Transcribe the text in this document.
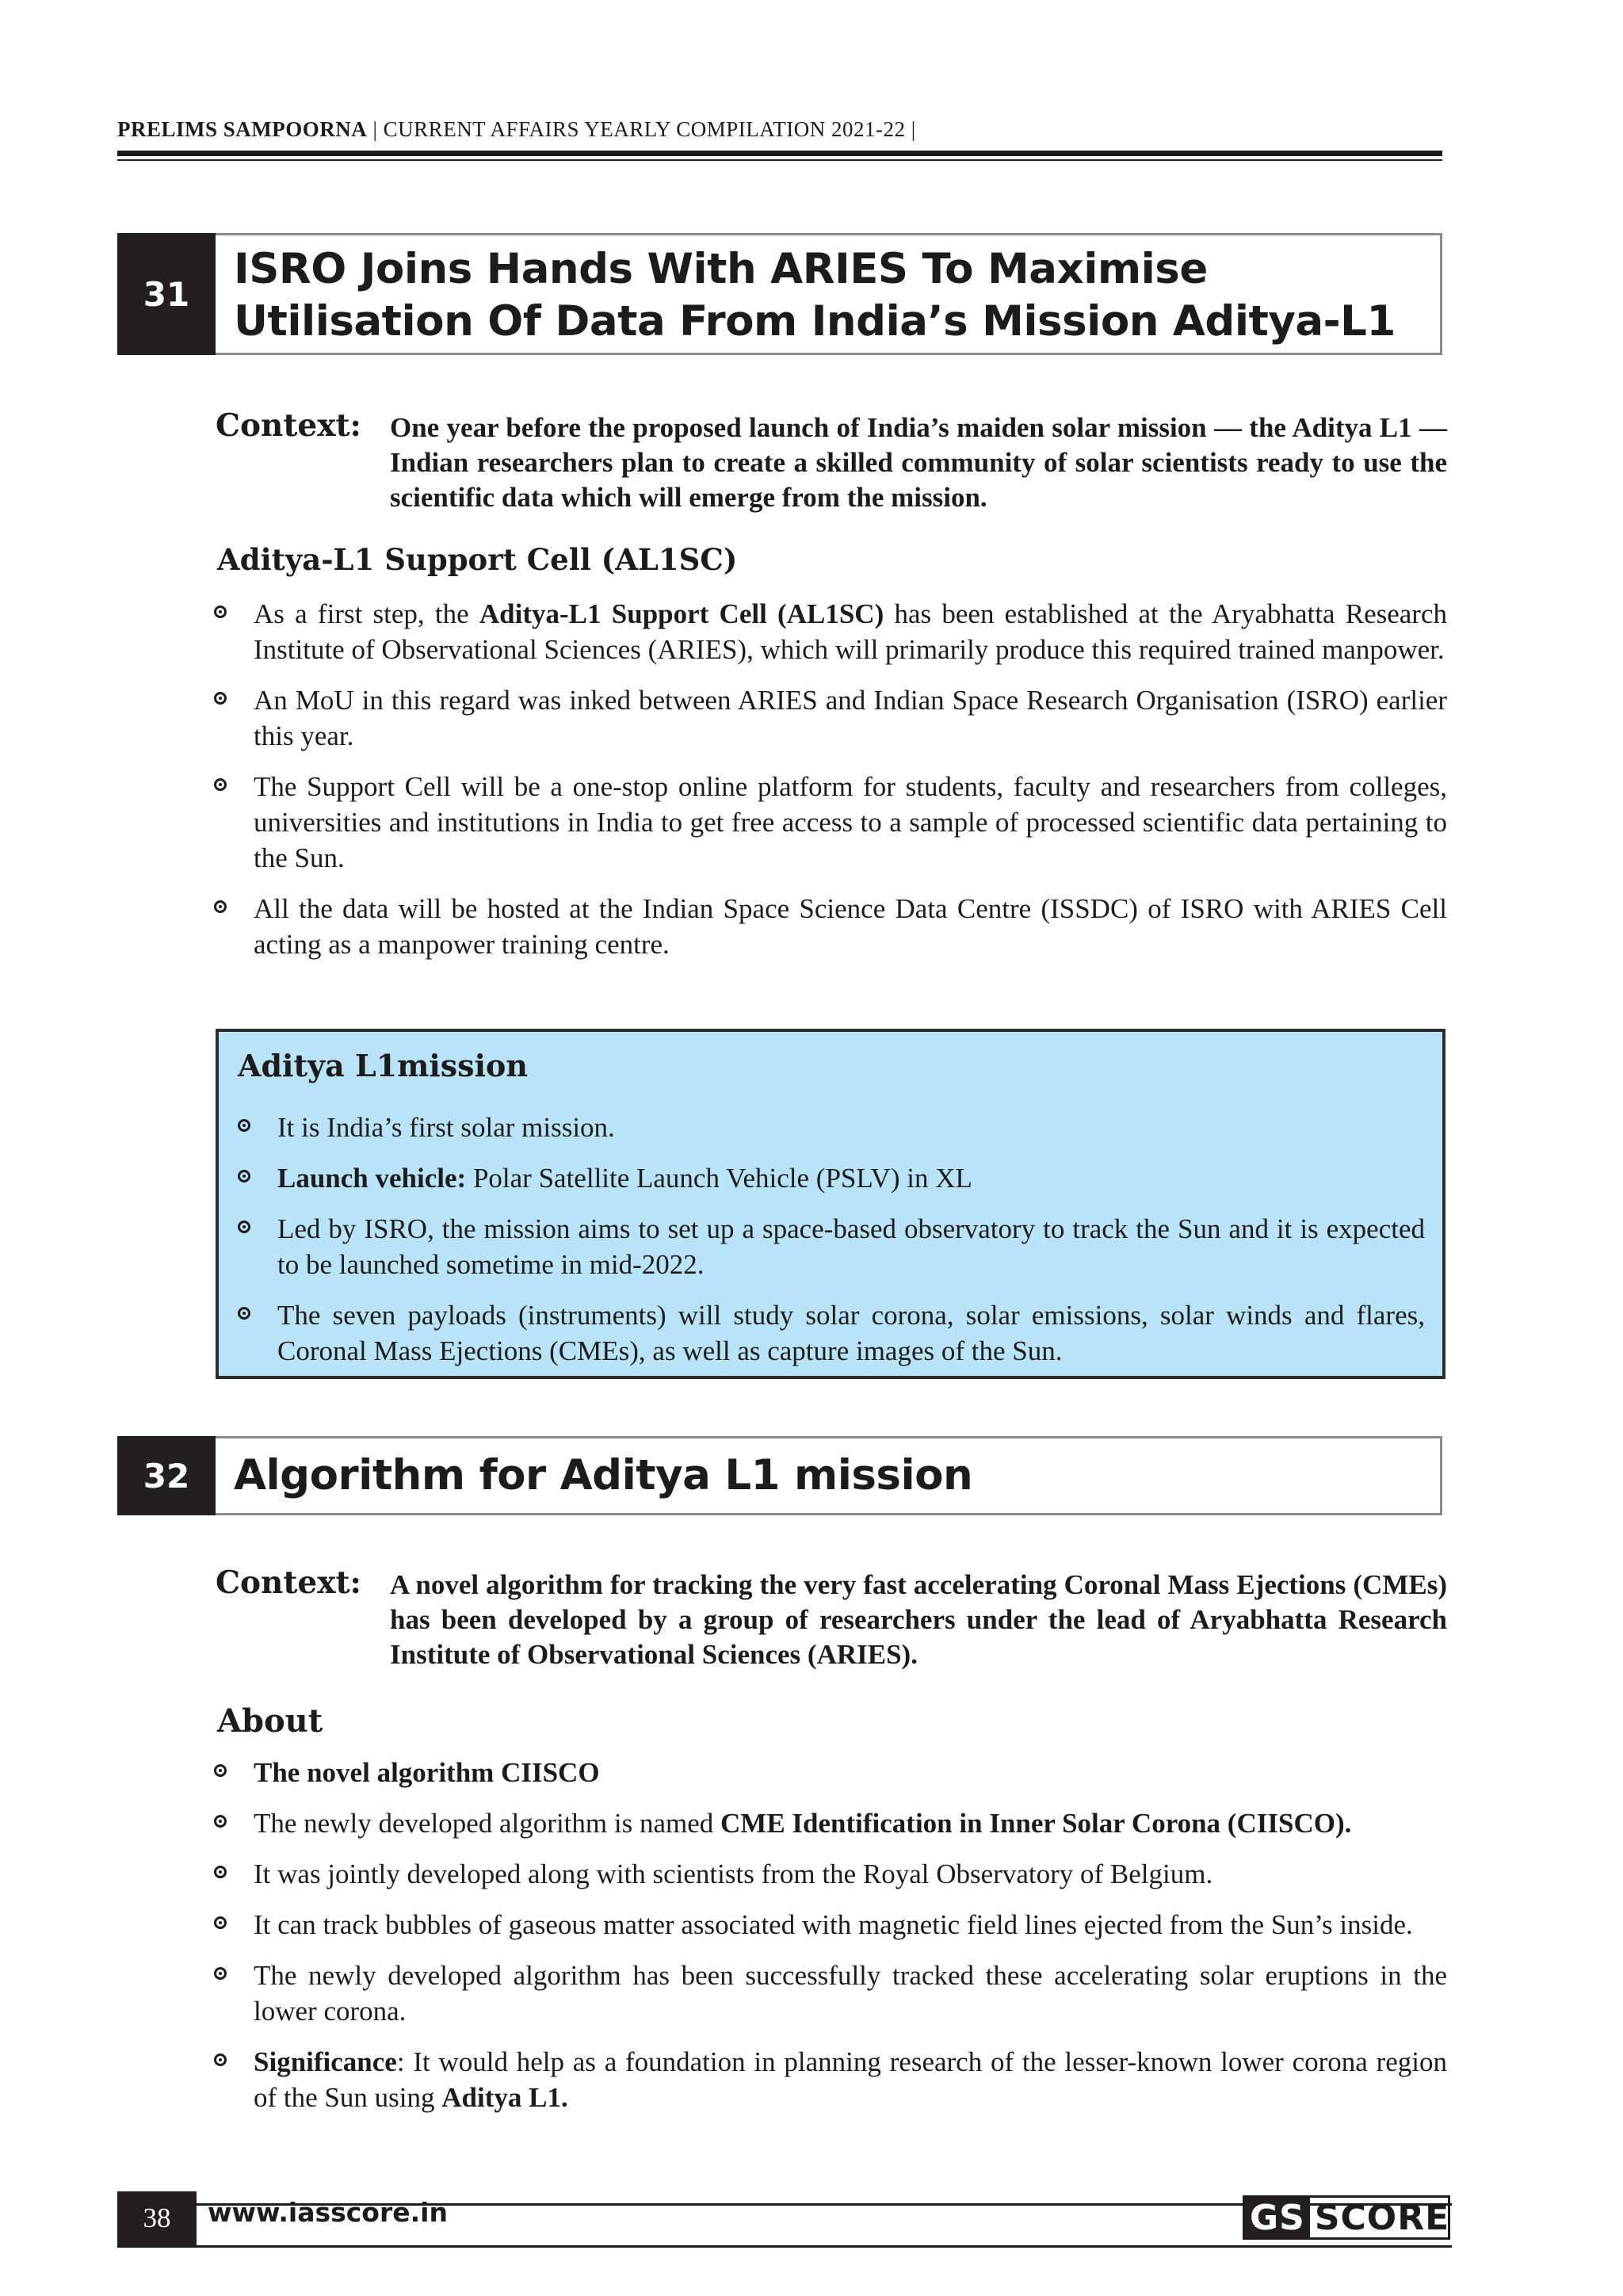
PRELIMS SAMPOORNA | CURRENT AFFAIRS YEARLY COMPILATION 2021-22 |
31
ISRO Joins Hands With ARIES To Maximise Utilisation Of Data From India’s Mission Aditya-L1
Context: One year before the proposed launch of India’s maiden solar mission — the Aditya L1 — Indian researchers plan to create a skilled community of solar scientists ready to use the scientific data which will emerge from the mission.
Aditya-L1 Support Cell (AL1SC)
As a first step, the Aditya-L1 Support Cell (AL1SC) has been established at the Aryabhatta Research Institute of Observational Sciences (ARIES), which will primarily produce this required trained manpower.
An MoU in this regard was inked between ARIES and Indian Space Research Organisation (ISRO) earlier this year.
The Support Cell will be a one-stop online platform for students, faculty and researchers from colleges, universities and institutions in India to get free access to a sample of processed scientific data pertaining to the Sun.
All the data will be hosted at the Indian Space Science Data Centre (ISSDC) of ISRO with ARIES Cell acting as a manpower training centre.
Aditya L1mission
It is India’s first solar mission.
Launch vehicle: Polar Satellite Launch Vehicle (PSLV) in XL
Led by ISRO, the mission aims to set up a space-based observatory to track the Sun and it is expected to be launched sometime in mid-2022.
The seven payloads (instruments) will study solar corona, solar emissions, solar winds and flares, Coronal Mass Ejections (CMEs), as well as capture images of the Sun.
32	Algorithm for Aditya L1 mission
Context: A novel algorithm for tracking the very fast accelerating Coronal Mass Ejections (CMEs) has been developed by a group of researchers under the lead of Aryabhatta Research Institute of Observational Sciences (ARIES).
About
The novel algorithm CIISCO
The newly developed algorithm is named CME Identification in Inner Solar Corona (CIISCO).
It was jointly developed along with scientists from the Royal Observatory of Belgium.
It can track bubbles of gaseous matter associated with magnetic field lines ejected from the Sun’s inside.
The newly developed algorithm has been successfully tracked these accelerating solar eruptions in the lower corona.
Significance: It would help as a foundation in planning research of the lesser-known lower corona region of the Sun using Aditya L1.
38	www.iasscore.in	GS SCORE
